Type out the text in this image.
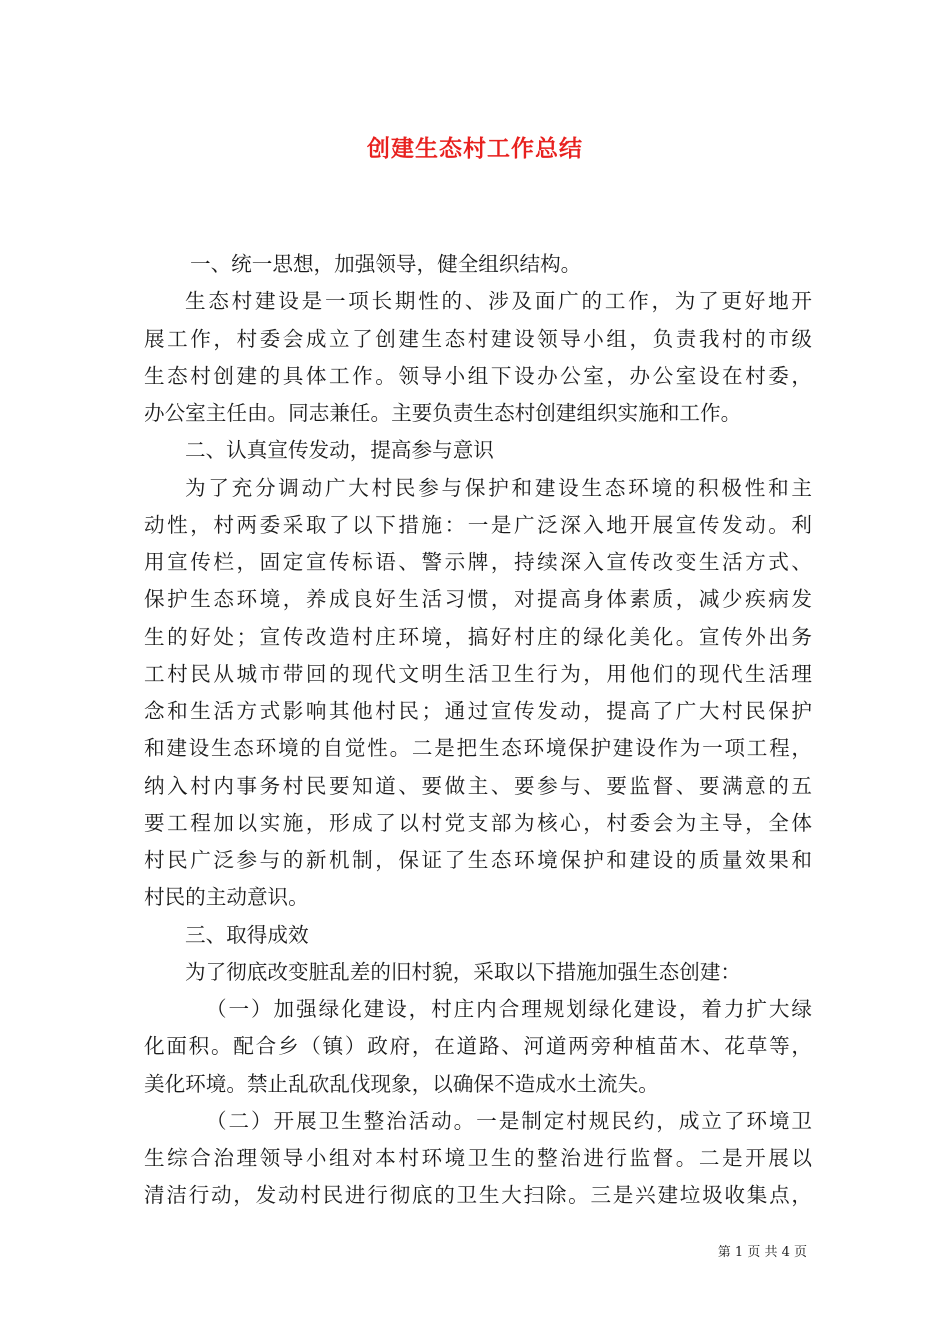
创建生态村工作总结
一、统一思想，加强领导，健全组织结构。
生态村建设是一项长期性的、涉及面广的工作，为了更好地开
展工作，村委会成立了创建生态村建设领导小组，负责我村的市级
生态村创建的具体工作。领导小组下设办公室，办公室设在村委，
办公室主任由。同志兼任。主要负责生态村创建组织实施和工作。
二、认真宣传发动，提高参与意识
为了充分调动广大村民参与保护和建设生态环境的积极性和主
动性，村两委采取了以下措施：一是广泛深入地开展宣传发动。利
用宣传栏，固定宣传标语、警示牌，持续深入宣传改变生活方式、
保护生态环境，养成良好生活习惯，对提高身体素质，减少疾病发
生的好处；宣传改造村庄环境，搞好村庄的绿化美化。宣传外出务
工村民从城市带回的现代文明生活卫生行为，用他们的现代生活理
念和生活方式影响其他村民；通过宣传发动，提高了广大村民保护
和建设生态环境的自觉性。二是把生态环境保护建设作为一项工程，
纳入村内事务村民要知道、要做主、要参与、要监督、要满意的五
要工程加以实施，形成了以村党支部为核心，村委会为主导，全体
村民广泛参与的新机制，保证了生态环境保护和建设的质量效果和
村民的主动意识。
三、取得成效
为了彻底改变脏乱差的旧村貌，采取以下措施加强生态创建：
（一）加强绿化建设，村庄内合理规划绿化建设，着力扩大绿
化面积。配合乡（镇）政府，在道路、河道两旁种植苗木、花草等，
美化环境。禁止乱砍乱伐现象，以确保不造成水土流失。
（二）开展卫生整治活动。一是制定村规民约，成立了环境卫
生综合治理领导小组对本村环境卫生的整治进行监督。二是开展以
清洁行动，发动村民进行彻底的卫生大扫除。三是兴建垃圾收集点，
第 1 页 共 4 页
